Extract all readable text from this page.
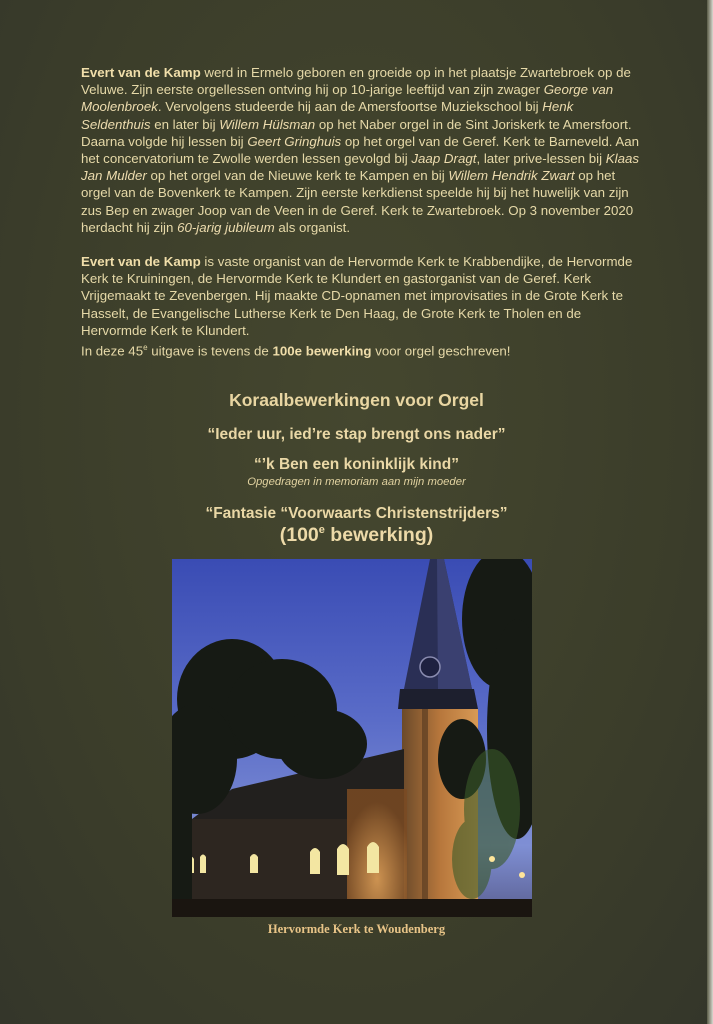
Evert van de Kamp werd in Ermelo geboren en groeide op in het plaatsje Zwartebroek op de Veluwe. Zijn eerste orgellessen ontving hij op 10-jarige leeftijd van zijn zwager George van Moolenbroek. Vervolgens studeerde hij aan de Amersfoortse Muziekschool bij Henk Seldenthuis en later bij Willem Hülsman op het Naber orgel in de Sint Joriskerk te Amersfoort. Daarna volgde hij lessen bij Geert Gringhuis op het orgel van de Geref. Kerk te Barneveld. Aan het concervatorium te Zwolle werden lessen gevolgd bij Jaap Dragt, later prive-lessen bij Klaas Jan Mulder op het orgel van de Nieuwe kerk te Kampen en bij Willem Hendrik Zwart op het orgel van de Bovenkerk te Kampen. Zijn eerste kerkdienst speelde hij bij het huwelijk van zijn zus Bep en zwager Joop van de Veen in de Geref. Kerk te Zwartebroek. Op 3 november 2020 herdacht hij zijn 60-jarig jubileum als organist.

Evert van de Kamp is vaste organist van de Hervormde Kerk te Krabbendijke, de Hervormde Kerk te Kruiningen, de Hervormde Kerk te Klundert en gastorganist van de Geref. Kerk Vrijgemaakt te Zevenbergen. Hij maakte CD-opnamen met improvisaties in de Grote Kerk te Hasselt, de Evangelische Lutherse Kerk te Den Haag, de Grote Kerk te Tholen en de Hervormde Kerk te Klundert.
In deze 45e uitgave is tevens de 100e bewerking voor orgel geschreven!

Koraalbewerkingen voor Orgel
“Ieder uur, ied’re stap brengt ons nader”
“’k Ben een koninklijk kind”
Opgedragen in memoriam aan mijn moeder
“Fantasie “Voorwaarts Christenstrijders”
(100e bewerking)
Hervormde Kerk te Woudenberg
